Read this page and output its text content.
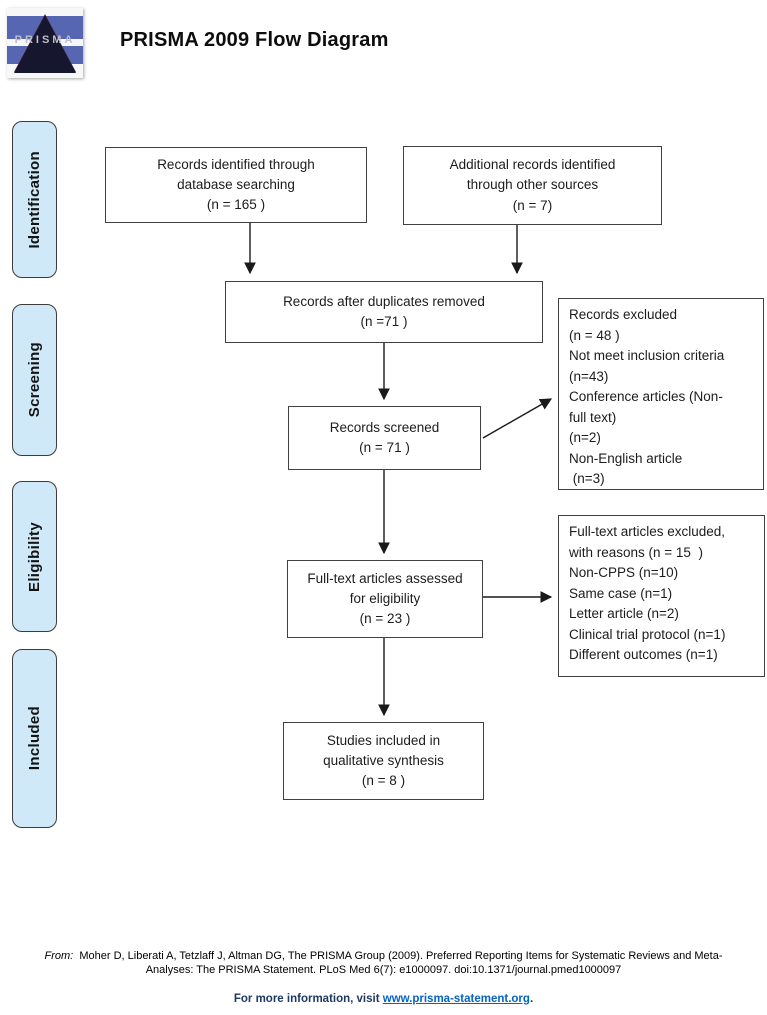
PRISMA	PRISMA 2009 Flow Diagram
Identification
Screening
Eligibility
Included
Records identified through
database searching
(n = 165 )
Additional records identified
through other sources
(n = 7)
Records after duplicates removed
(n =71 )
Records screened
(n = 71 )
Full-text articles assessed
for eligibility
(n = 23 )
Studies included in
qualitative synthesis
(n = 8 )
Records excluded
(n = 48 )
Not meet inclusion criteria
(n=43)
Conference articles (Non-
full text)
(n=2)
Non-English article
(n=3)
Full-text articles excluded,
with reasons (n = 15  )
Non-CPPS (n=10)
Same case (n=1)
Letter article (n=2)
Clinical trial protocol (n=1)
Different outcomes (n=1)
From: Moher D, Liberati A, Tetzlaff J, Altman DG, The PRISMA Group (2009). Preferred Reporting Items for Systematic Reviews and Meta-
Analyses: The PRISMA Statement. PLoS Med 6(7): e1000097. doi:10.1371/journal.pmed1000097
For more information, visit www.prisma-statement.org.
